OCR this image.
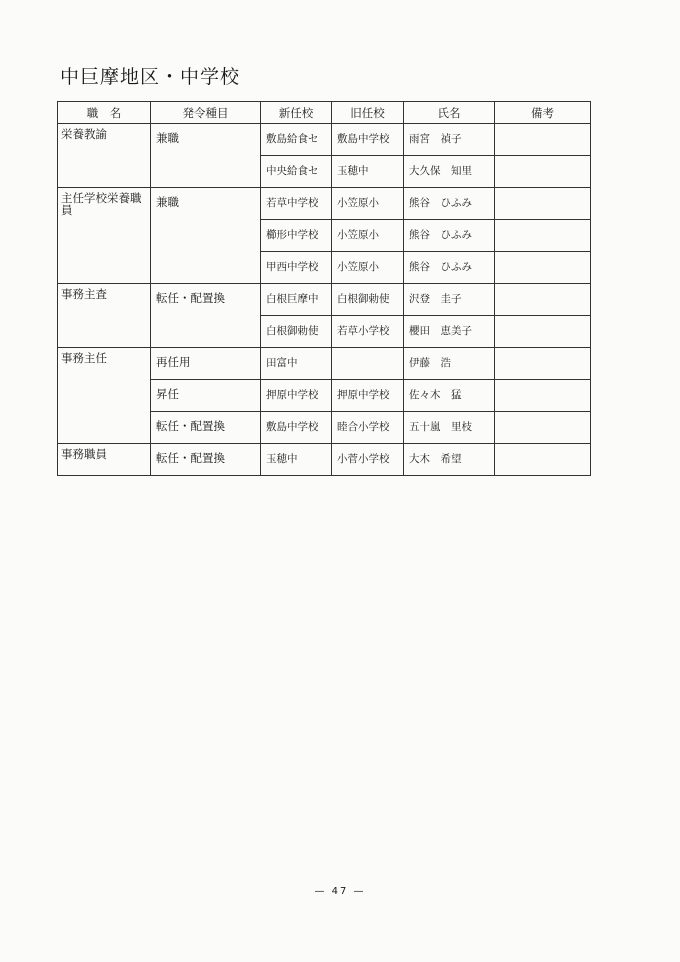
中巨摩地区・中学校
職　名	発令種目	新任校	旧任校	氏名	備考

栄養教諭	兼職	敷島給食セ	敷島中学校	雨宮　禎子	

		中央給食セ	玉穂中	大久保　知里	

主任学校栄養職員	兼職	若草中学校	小笠原小	熊谷　ひふみ	

		櫛形中学校	小笠原小	熊谷　ひふみ	

		甲西中学校	小笠原小	熊谷　ひふみ	

事務主査	転任・配置換	白根巨摩中	白根御勅使	沢登　圭子	

		白根御勅使	若草小学校	櫻田　恵美子	

事務主任	再任用	田富中		伊藤　浩	

	昇任	押原中学校	押原中学校	佐々木　猛	

	転任・配置換	敷島中学校	睦合小学校	五十嵐　里枝	

事務職員	転任・配置換	玉穂中	小菅小学校	大木　希望	

— 47 —
